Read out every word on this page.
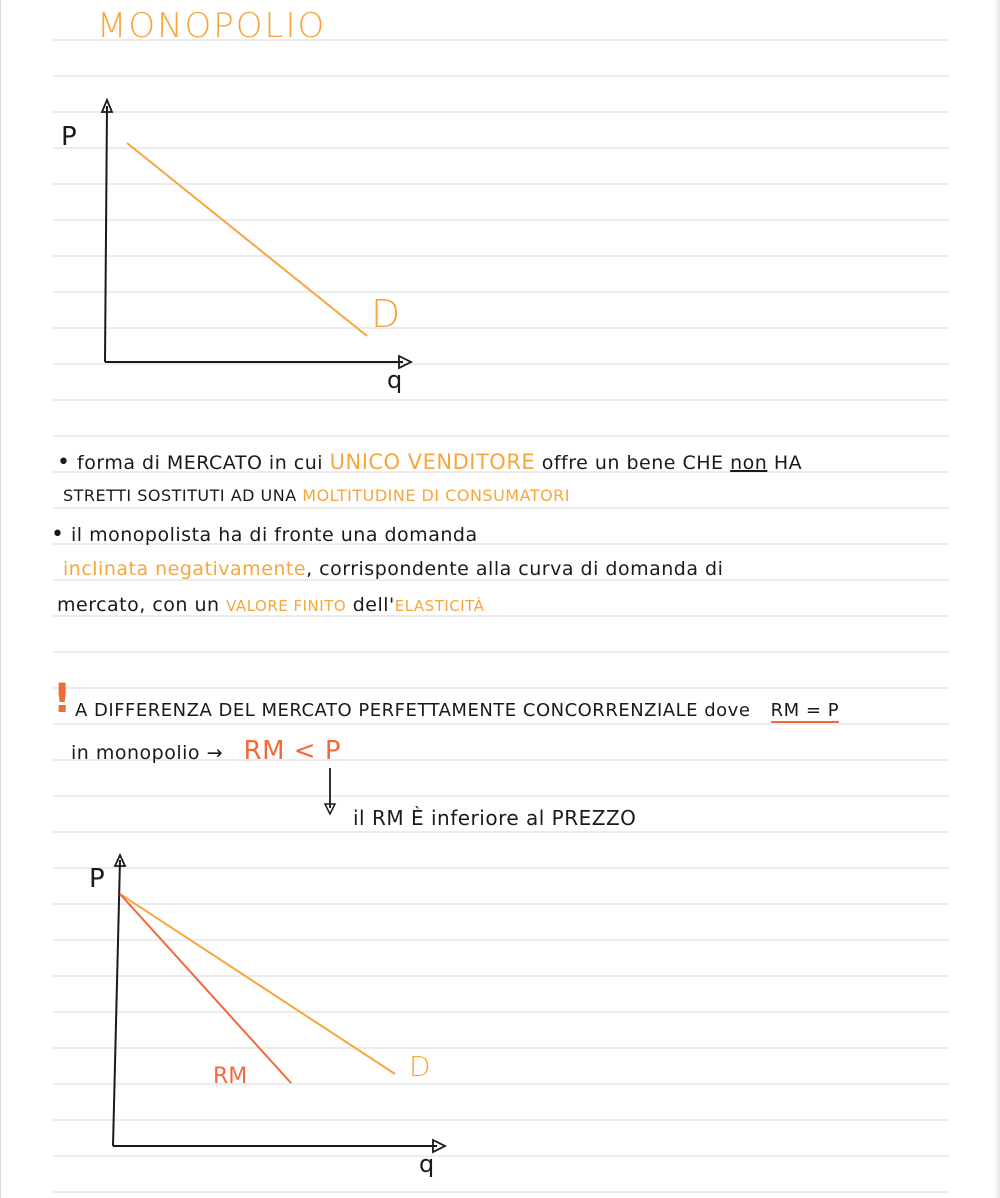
MONOPOLIO
P
q
D
• forma di MERCATO in cui UNICO VENDITORE offre un bene CHE non HA
STRETTI SOSTITUTI AD UNA MOLTITUDINE DI CONSUMATORI
• il monopolista ha di fronte una domanda
inclinata negativamente, corrispondente alla curva di domanda di
mercato, con un VALORE FINITO dell'ELASTICITÀ
! A DIFFERENZA DEL MERCATO PERFETTAMENTE CONCORRENZIALE dove RM = P
in monopolio → RM < P
il RM È inferiore al PREZZO
P
q
D
RM
